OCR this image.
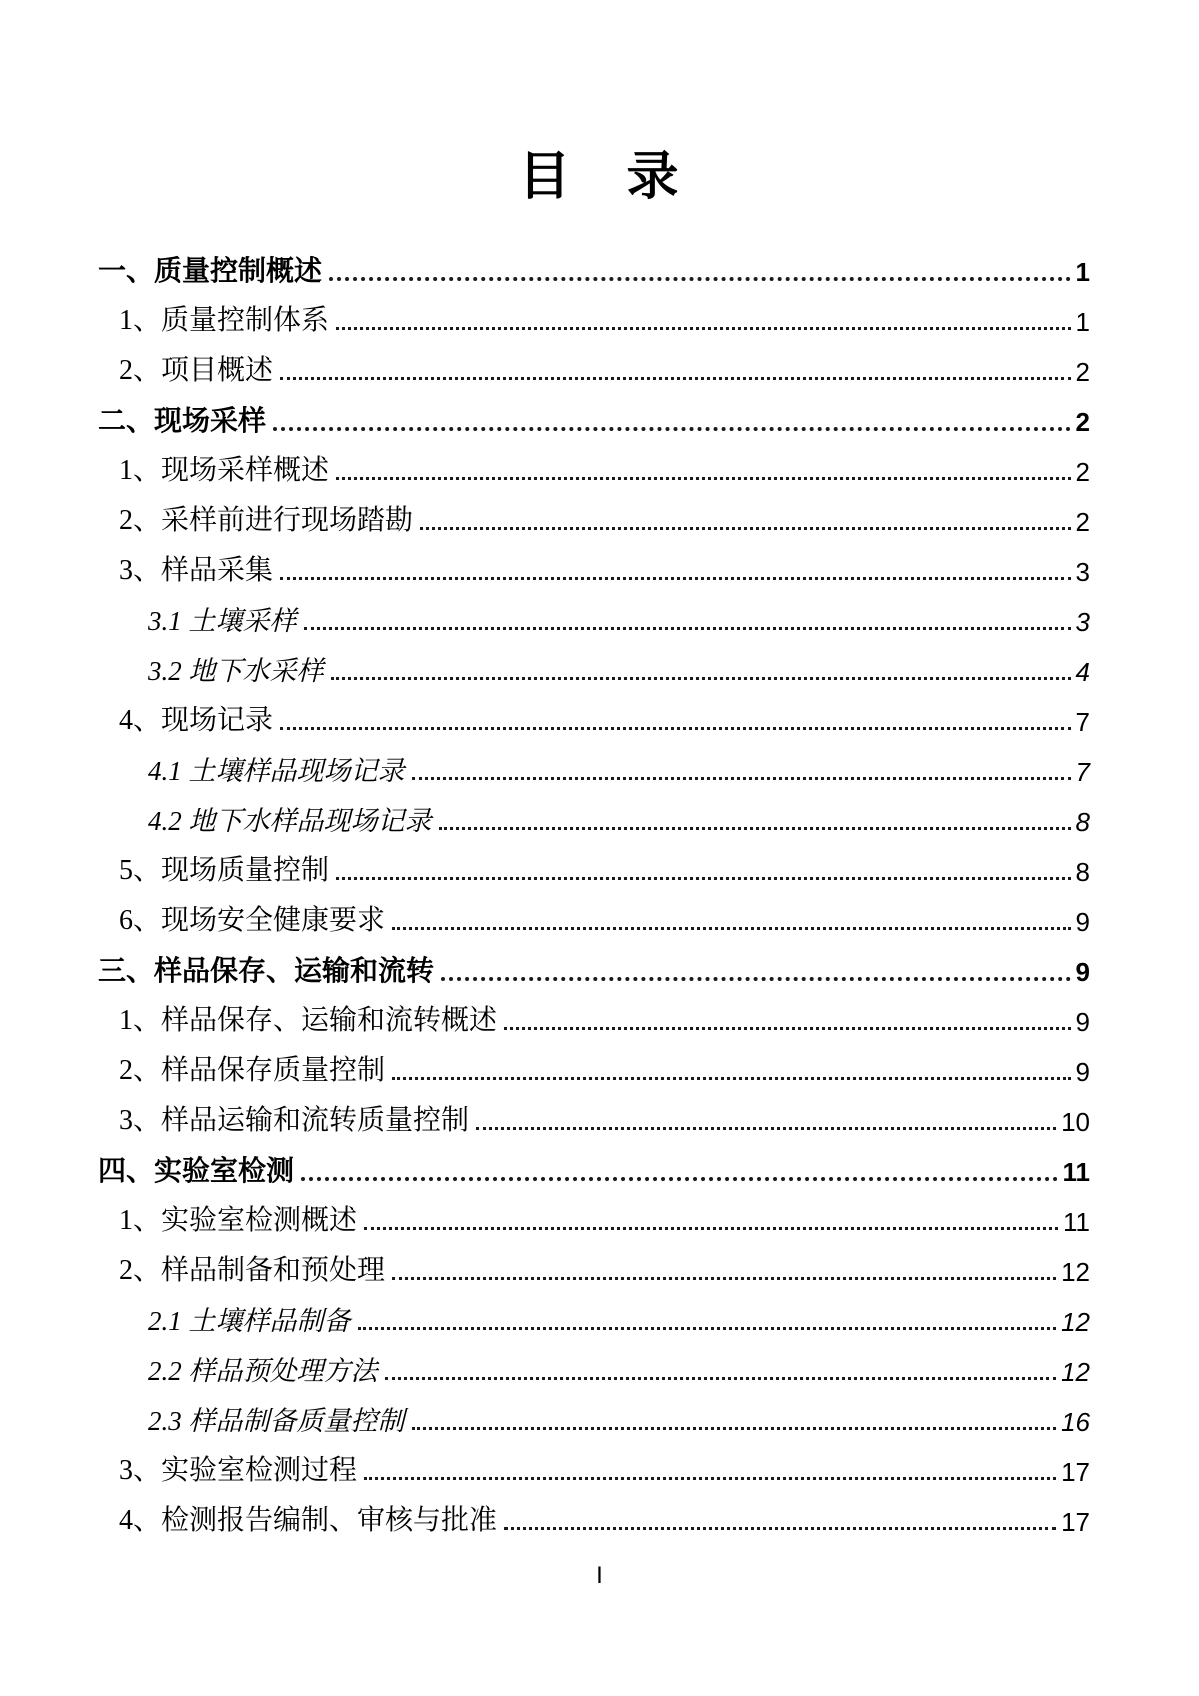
目　录
一、质量控制概述	1
1、质量控制体系	1
2、项目概述	2
二、现场采样	2
1、现场采样概述	2
2、采样前进行现场踏勘	2
3、样品采集	3
3.1 土壤采样	3
3.2 地下水采样	4
4、现场记录	7
4.1 土壤样品现场记录	7
4.2 地下水样品现场记录	8
5、现场质量控制	8
6、现场安全健康要求	9
三、样品保存、运输和流转	9
1、样品保存、运输和流转概述	9
2、样品保存质量控制	9
3、样品运输和流转质量控制	10
四、实验室检测	11
1、实验室检测概述	11
2、样品制备和预处理	12
2.1 土壤样品制备	12
2.2 样品预处理方法	12
2.3 样品制备质量控制	16
3、实验室检测过程	17
4、检测报告编制、审核与批准	17
I
